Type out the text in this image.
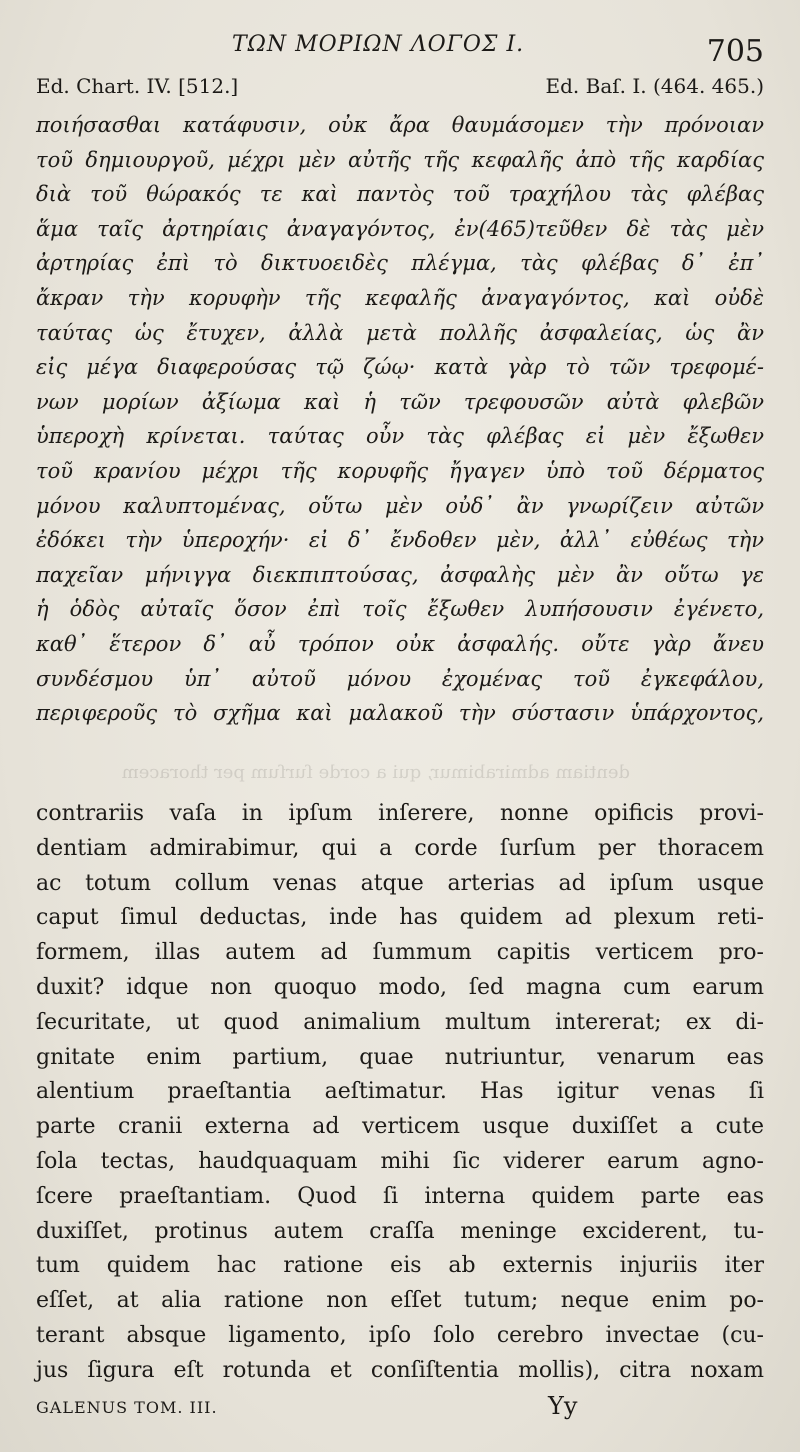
ΤΩΝ ΜΟΡΙΩΝ ΛΟΓΟΣ Ι.	705
Ed. Chart. IV. [512.]	Ed. Baſ. I. (464. 465.)
ποιήσασθαι κατάφυσιν, οὐκ ἄρα θαυμάσομεν τὴν πρόνοιαν
τοῦ δημιουργοῦ, μέχρι μὲν αὐτῆς τῆς κεφαλῆς ἀπὸ τῆς καρδίας
διὰ τοῦ θώρακός τε καὶ παντὸς τοῦ τραχήλου τὰς φλέβας
ἅμα ταῖς ἀρτηρίαις ἀναγαγόντος, ἐν(465)τεῦθεν δὲ τὰς μὲν
ἀρτηρίας ἐπὶ τὸ δικτυοειδὲς πλέγμα, τὰς φλέβας δ᾽ ἐπ᾽
ἄκραν τὴν κορυφὴν τῆς κεφαλῆς ἀναγαγόντος, καὶ οὐδὲ
ταύτας ὡς ἔτυχεν, ἀλλὰ μετὰ πολλῆς ἀσφαλείας, ὡς ἂν
εἰς μέγα διαφερούσας τῷ ζώῳ· κατὰ γὰρ τὸ τῶν τρεφομέ-
νων μορίων ἀξίωμα καὶ ἡ τῶν τρεφουσῶν αὐτὰ φλεβῶν
ὑπεροχὴ κρίνεται. ταύτας οὖν τὰς φλέβας εἰ μὲν ἔξωθεν
τοῦ κρανίου μέχρι τῆς κορυφῆς ἤγαγεν ὑπὸ τοῦ δέρματος
μόνου καλυπτομένας, οὕτω μὲν οὐδ᾽ ἂν γνωρίζειν αὐτῶν
ἐδόκει τὴν ὑπεροχήν· εἰ δ᾽ ἔνδοθεν μὲν, ἀλλ᾽ εὐθέως τὴν
παχεῖαν μήνιγγα διεκπιπτούσας, ἀσφαλὴς μὲν ἂν οὕτω γε
ἡ ὁδὸς αὐταῖς ὅσον ἐπὶ τοῖς ἔξωθεν λυπήσουσιν ἐγένετο,
καθ᾽ ἕτερον δ᾽ αὖ τρόπον οὐκ ἀσφαλής. οὔτε γὰρ ἄνευ
συνδέσμου ὑπ᾽ αὐτοῦ μόνου ἐχομένας τοῦ ἐγκεφάλου,
περιφεροῦς τὸ σχῆμα καὶ μαλακοῦ τὴν σύστασιν ὑπάρχοντος,
dentiam admirabimur, qui a corde ſurſum per thoracem
contrariis vaſa in ipſum inſerere, nonne opificis provi-
dentiam admirabimur, qui a corde ſurſum per thoracem
ac totum collum venas atque arterias ad ipſum usque
caput ſimul deductas, inde has quidem ad plexum reti-
formem, illas autem ad ſummum capitis verticem pro-
duxit? idque non quoquo modo, ſed magna cum earum
ſecuritate, ut quod animalium multum intererat; ex di-
gnitate enim partium, quae nutriuntur, venarum eas
alentium praeſtantia aeſtimatur. Has igitur venas ſi
parte cranii externa ad verticem usque duxiſſet a cute
ſola tectas, haudquaquam mihi ſic viderer earum agno-
ſcere praeſtantiam. Quod ſi interna quidem parte eas
duxiſſet, protinus autem craſſa meninge exciderent, tu-
tum quidem hac ratione eis ab externis injuriis iter
eſſet, at alia ratione non eſſet tutum; neque enim po-
terant absque ligamento, ipſo ſolo cerebro invectae (cu-
jus ſigura eſt rotunda et conſiſtentia mollis), citra noxam
GALENUS TOM. III.	Yy
